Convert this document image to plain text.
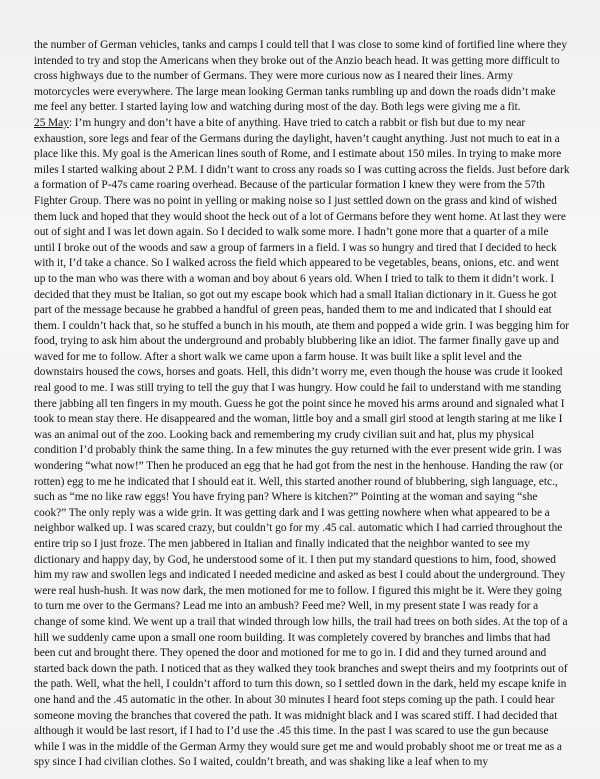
the number of German vehicles, tanks and camps I could tell that I was close to some kind of fortified line where they intended to try and stop the Americans when they broke out of the Anzio beach head. It was getting more difficult to cross highways due to the number of Germans. They were more curious now as I neared their lines. Army motorcycles were everywhere. The large mean looking German tanks rumbling up and down the roads didn’t make me feel any better. I started laying low and watching during most of the day. Both legs were giving me a fit.
25 May: I’m hungry and don’t have a bite of anything. Have tried to catch a rabbit or fish but due to my near exhaustion, sore legs and fear of the Germans during the daylight, haven’t caught anything. Just not much to eat in a place like this. My goal is the American lines south of Rome, and I estimate about 150 miles. In trying to make more miles I started walking about 2 P.M. I didn’t want to cross any roads so I was cutting across the fields. Just before dark a formation of P-47s came roaring overhead. Because of the particular formation I knew they were from the 57th Fighter Group. There was no point in yelling or making noise so I just settled down on the grass and kind of wished them luck and hoped that they would shoot the heck out of a lot of Germans before they went home. At last they were out of sight and I was let down again. So I decided to walk some more. I hadn’t gone more that a quarter of a mile until I broke out of the woods and saw a group of farmers in a field. I was so hungry and tired that I decided to heck with it, I’d take a chance. So I walked across the field which appeared to be vegetables, beans, onions, etc. and went up to the man who was there with a woman and boy about 6 years old. When I tried to talk to them it didn’t work. I decided that they must be Italian, so got out my escape book which had a small Italian dictionary in it. Guess he got part of the message because he grabbed a handful of green peas, handed them to me and indicated that I should eat them. I couldn’t hack that, so he stuffed a bunch in his mouth, ate them and popped a wide grin. I was begging him for food, trying to ask him about the underground and probably blubbering like an idiot. The farmer finally gave up and waved for me to follow. After a short walk we came upon a farm house. It was built like a split level and the downstairs housed the cows, horses and goats. Hell, this didn’t worry me, even though the house was crude it looked real good to me. I was still trying to tell the guy that I was hungry. How could he fail to understand with me standing there jabbing all ten fingers in my mouth. Guess he got the point since he moved his arms around and signaled what I took to mean stay there. He disappeared and the woman, little boy and a small girl stood at length staring at me like I was an animal out of the zoo. Looking back and remembering my crudy civilian suit and hat, plus my physical condition I’d probably think the same thing. In a few minutes the guy returned with the ever present wide grin. I was wondering “what now!” Then he produced an egg that he had got from the nest in the henhouse. Handing the raw (or rotten) egg to me he indicated that I should eat it. Well, this started another round of blubbering, sigh language, etc., such as “me no like raw eggs! You have frying pan? Where is kitchen?” Pointing at the woman and saying “she cook?” The only reply was a wide grin. It was getting dark and I was getting nowhere when what appeared to be a neighbor walked up. I was scared crazy, but couldn’t go for my .45 cal. automatic which I had carried throughout the entire trip so I just froze. The men jabbered in Italian and finally indicated that the neighbor wanted to see my dictionary and happy day, by God, he understood some of it. I then put my standard questions to him, food, showed him my raw and swollen legs and indicated I needed medicine and asked as best I could about the underground. They were real hush-hush. It was now dark, the men motioned for me to follow. I figured this might be it. Were they going to turn me over to the Germans? Lead me into an ambush? Feed me? Well, in my present state I was ready for a change of some kind. We went up a trail that winded through low hills, the trail had trees on both sides. At the top of a hill we suddenly came upon a small one room building. It was completely covered by branches and limbs that had been cut and brought there. They opened the door and motioned for me to go in. I did and they turned around and started back down the path. I noticed that as they walked they took branches and swept theirs and my footprints out of the path. Well, what the hell, I couldn’t afford to turn this down, so I settled down in the dark, held my escape knife in one hand and the .45 automatic in the other. In about 30 minutes I heard foot steps coming up the path. I could hear someone moving the branches that covered the path. It was midnight black and I was scared stiff. I had decided that although it would be last resort, if I had to I’d use the .45 this time. In the past I was scared to use the gun because while I was in the middle of the German Army they would sure get me and would probably shoot me or treat me as a spy since I had civilian clothes. So I waited, couldn’t breath, and was shaking like a leaf when to my
